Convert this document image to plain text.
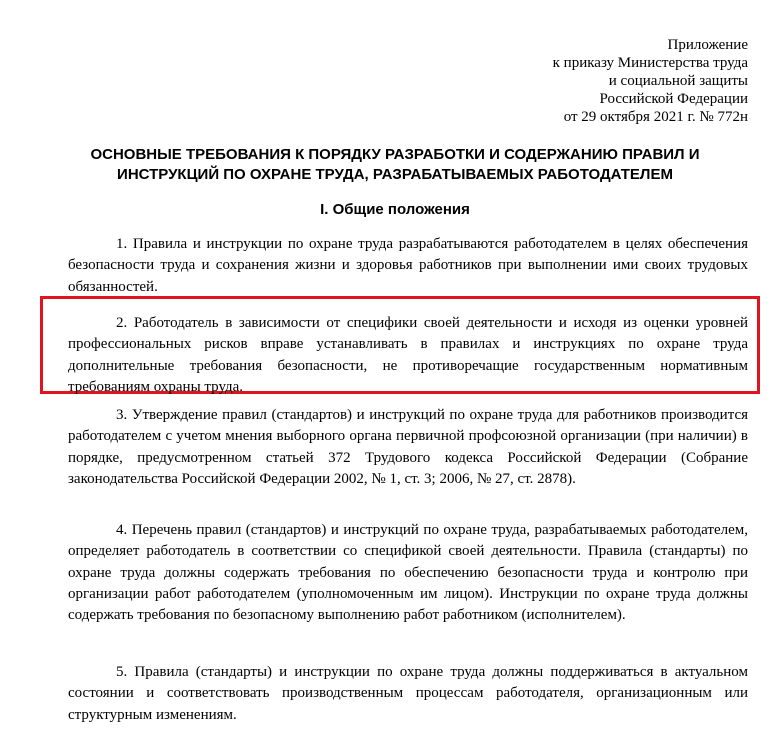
Приложение
к приказу Министерства труда
и социальной защиты
Российской Федерации
от 29 октября 2021 г. № 772н
ОСНОВНЫЕ ТРЕБОВАНИЯ К ПОРЯДКУ РАЗРАБОТКИ И СОДЕРЖАНИЮ ПРАВИЛ И ИНСТРУКЦИЙ ПО ОХРАНЕ ТРУДА, РАЗРАБАТЫВАЕМЫХ РАБОТОДАТЕЛЕМ
I. Общие положения

1. Правила и инструкции по охране труда разрабатываются работодателем в целях обеспечения безопасности труда и сохранения жизни и здоровья работников при выполнении ими своих трудовых обязанностей.

2. Работодатель в зависимости от специфики своей деятельности и исходя из оценки уровней профессиональных рисков вправе устанавливать в правилах и инструкциях по охране труда дополнительные требования безопасности, не противоречащие государственным нормативным требованиям охраны труда.

3. Утверждение правил (стандартов) и инструкций по охране труда для работников производится работодателем с учетом мнения выборного органа первичной профсоюзной организации (при наличии) в порядке, предусмотренном статьей 372 Трудового кодекса Российской Федерации (Собрание законодательства Российской Федерации 2002, № 1, ст. 3; 2006, № 27, ст. 2878).

4. Перечень правил (стандартов) и инструкций по охране труда, разрабатываемых работодателем, определяет работодатель в соответствии со спецификой своей деятельности. Правила (стандарты) по охране труда должны содержать требования по обеспечению безопасности труда и контролю при организации работ работодателем (уполномоченным им лицом). Инструкции по охране труда должны содержать требования по безопасному выполнению работ работником (исполнителем).

5. Правила (стандарты) и инструкции по охране труда должны поддерживаться в актуальном состоянии и соответствовать производственным процессам работодателя, организационным или структурным изменениям.
